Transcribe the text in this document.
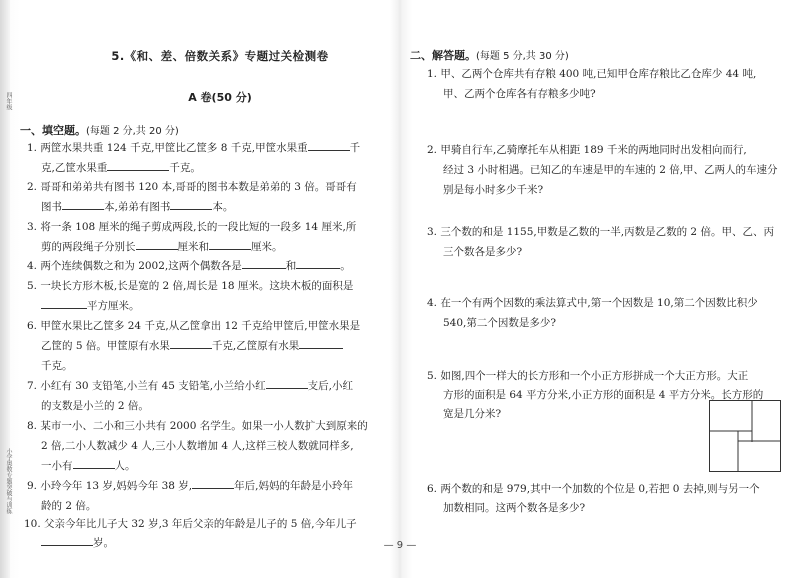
四年级
小学奥数专题突破与训练
5.《和、差、倍数关系》专题过关检测卷
A 卷(50 分)
一、填空题。(每题 2 分,共 20 分)
1. 两筐水果共重 124 千克,甲筐比乙筐多 8 千克,甲筐水果重	千
克,乙筐水果重	千克。
2. 哥哥和弟弟共有图书 120 本,哥哥的图书本数是弟弟的 3 倍。哥哥有
图书	本,弟弟有图书	本。
3. 将一条 108 厘米的绳子剪成两段,长的一段比短的一段多 14 厘米,所
剪的两段绳子分别长	厘米和	厘米。
4. 两个连续偶数之和为 2002,这两个偶数各是	和	。
5. 一块长方形木板,长是宽的 2 倍,周长是 18 厘米。这块木板的面积是
平方厘米。
6. 甲筐水果比乙筐多 24 千克,从乙筐拿出 12 千克给甲筐后,甲筐水果是
乙筐的 5 倍。甲筐原有水果	千克,乙筐原有水果
千克。
7. 小红有 30 支铅笔,小兰有 45 支铅笔,小兰给小红	支后,小红
的支数是小兰的 2 倍。
8. 某市一小、二小和三小共有 2000 名学生。如果一小人数扩大到原来的
2 倍,二小人数减少 4 人,三小人数增加 4 人,这样三校人数就同样多,
一小有	人。
9. 小玲今年 13 岁,妈妈今年 38 岁,	年后,妈妈的年龄是小玲年
龄的 2 倍。
10. 父亲今年比儿子大 32 岁,3 年后父亲的年龄是儿子的 5 倍,今年儿子
岁。
二、解答题。(每题 5 分,共 30 分)
1. 甲、乙两个仓库共有存粮 400 吨,已知甲仓库存粮比乙仓库少 44 吨,
甲、乙两个仓库各有存粮多少吨?
2. 甲骑自行车,乙骑摩托车从相距 189 千米的两地同时出发相向而行,
经过 3 小时相遇。已知乙的车速是甲的车速的 2 倍,甲、乙两人的车速分
别是每小时多少千米?
3. 三个数的和是 1155,甲数是乙数的一半,丙数是乙数的 2 倍。甲、乙、丙
三个数各是多少?
4. 在一个有两个因数的乘法算式中,第一个因数是 10,第二个因数比积少
540,第二个因数是多少?
5. 如图,四个一样大的长方形和一个小正方形拼成一个大正方形。大正
方形的面积是 64 平方分米,小正方形的面积是 4 平方分米。长方形的
宽是几分米?
6. 两个数的和是 979,其中一个加数的个位是 0,若把 0 去掉,则与另一个
加数相同。这两个数各是多少?
— 9 —
